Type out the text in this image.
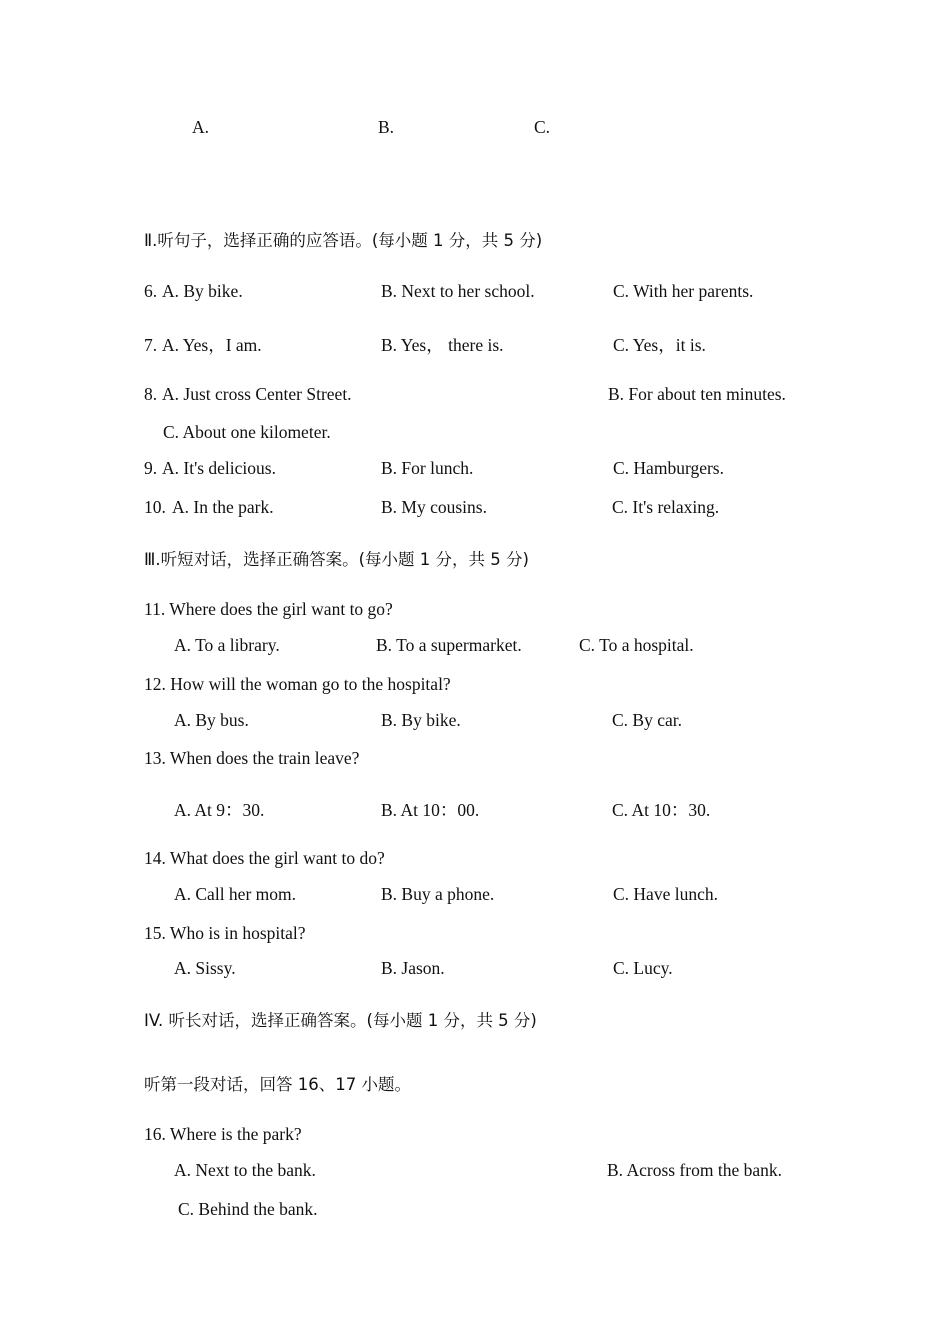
A.	B.	C.
Ⅱ.听句子，选择正确的应答语。(每小题 1 分，共 5 分)
6. A. By bike.	B. Next to her school.	C. With her parents.
7. A. Yes，I am.	B. Yes， there is.	C. Yes，it is.
8. A. Just cross Center Street.	B. For about ten minutes.
C. About one kilometer.
9. A. It's delicious.	B. For lunch.	C. Hamburgers.
10. A. In the park.	B. My cousins.	C. It's relaxing.
Ⅲ.听短对话，选择正确答案。(每小题 1 分，共 5 分)
11. Where does the girl want to go?
A. To a library.	B. To a supermarket.	C. To a hospital.
12. How will the woman go to the hospital?
A. By bus.	B. By bike.	C. By car.
13. When does the train leave?
A. At 9：30.	B. At 10：00.	C. At 10：30.
14. What does the girl want to do?
A. Call her mom.	B. Buy a phone.	C. Have lunch.
15. Who is in hospital?
A. Sissy.	B. Jason.	C. Lucy.
IV. 听长对话，选择正确答案。(每小题 1 分，共 5 分)
听第一段对话，回答 16、17 小题。
16. Where is the park?
A. Next to the bank.	B. Across from the bank.
C. Behind the bank.
